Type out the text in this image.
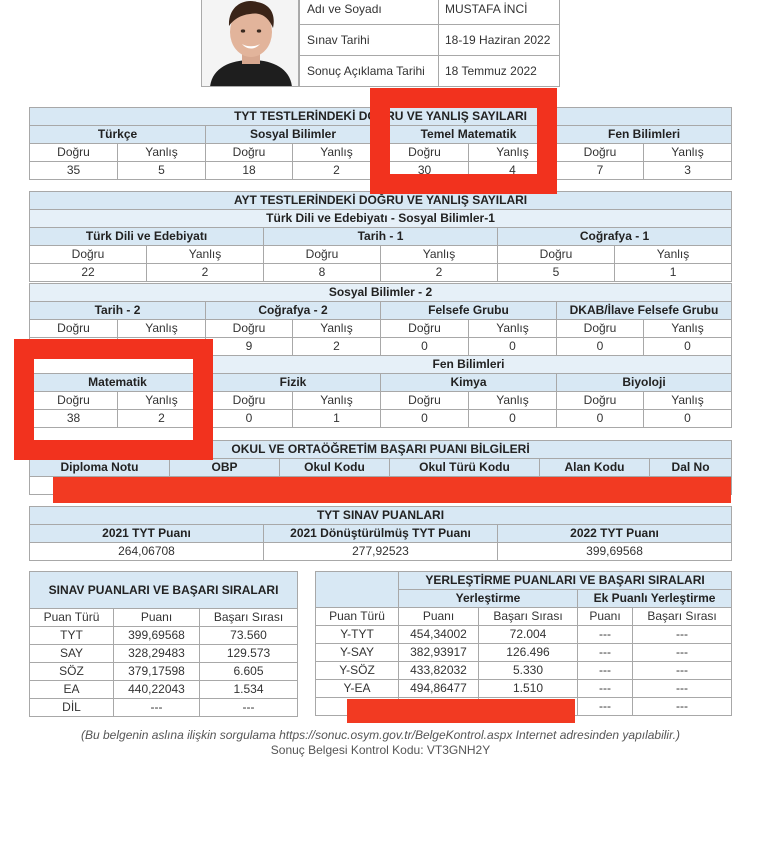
Adı ve Soyadı	MUSTAFA İNCİ
Sınav Tarihi	18-19 Haziran 2022
Sonuç Açıklama Tarihi	18 Temmuz 2022
TYT TESTLERİNDEKİ DOĞRU VE YANLIŞ SAYILARI							
Türkçe		Sosyal Bilimler		Temel Matematik		Fen Bilimleri	
Doğru	Yanlış	Doğru	Yanlış	Doğru	Yanlış	Doğru	Yanlış
35	5	18	2	30	4	7	3
AYT TESTLERİNDEKİ DOĞRU VE YANLIŞ SAYILARI					
Türk Dili ve Edebiyatı - Sosyal Bilimler-1					
Türk Dili ve Edebiyatı		Tarih - 1		Coğrafya - 1	
Doğru	Yanlış	Doğru	Yanlış	Doğru	Yanlış
22	2	8	2	5	1
Sosyal Bilimler - 2							
Tarih - 2		Coğrafya - 2		Felsefe Grubu		DKAB/İlave Felsefe Grubu	
Doğru	Yanlış	Doğru	Yanlış	Doğru	Yanlış	Doğru	Yanlış
		9	2	0	0	0	0
		Fen Bilimleri					
Matematik		Fizik		Kimya		Biyoloji	
Doğru	Yanlış	Doğru	Yanlış	Doğru	Yanlış	Doğru	Yanlış
38	2	0	1	0	0	0	0
OKUL VE ORTAÖĞRETİM BAŞARI PUANI BİLGİLERİ					
Diploma Notu	OBP	Okul Kodu	Okul Türü Kodu	Alan Kodu	Dal No

TYT SINAV PUANLARI		
2021 TYT Puanı	2021 Dönüştürülmüş TYT Puanı	2022 TYT Puanı
264,06708	277,92523	399,69568
SINAV PUANLARI VE BAŞARI SIRALARI		
Puan Türü	Puanı	Başarı Sırası
TYT	399,69568	73.560
SAY	328,29483	129.573
SÖZ	379,17598	6.605
EA	440,22043	1.534
DİL	---	---
	YERLEŞTİRME PUANLARI VE BAŞARI SIRALARI			
	Yerleştirme		Ek Puanlı Yerleştirme	
Puan Türü	Puanı	Başarı Sırası	Puanı	Başarı Sırası
Y-TYT	454,34002	72.004	---	---
Y-SAY	382,93917	126.496	---	---
Y-SÖZ	433,82032	5.330	---	---
Y-EA	494,86477	1.510	---	---
			---	---
(Bu belgenin aslına ilişkin sorgulama https://sonuc.osym.gov.tr/BelgeKontrol.aspx Internet adresinden yapılabilir.)
Sonuç Belgesi Kontrol Kodu: VT3GNH2Y
